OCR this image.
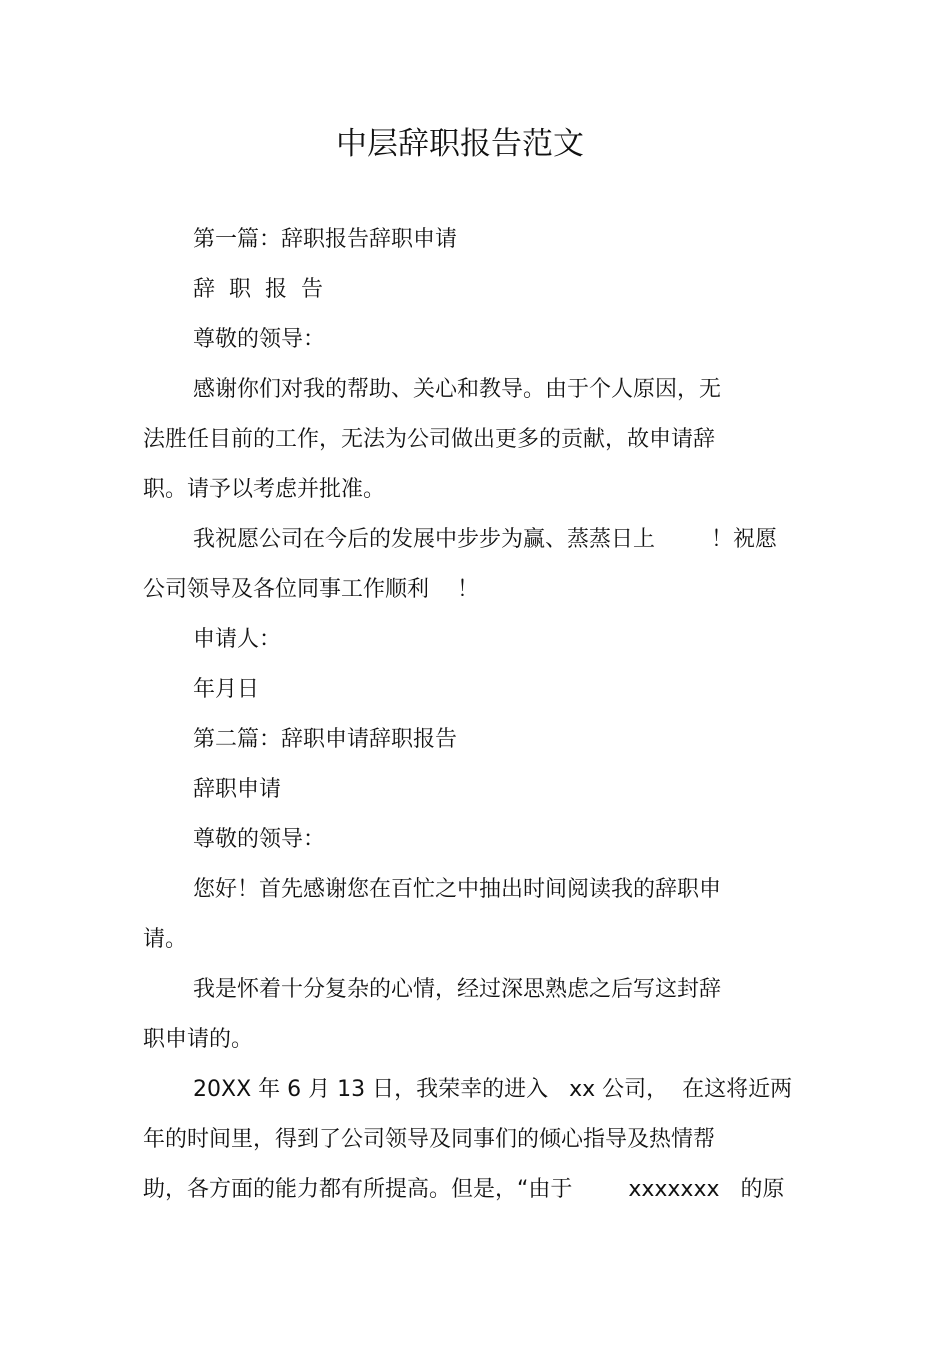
中层辞职报告范文
第一篇：辞职报告辞职申请
辞  职  报  告
尊敬的领导：
感谢你们对我的帮助、关心和教导。由于个人原因，无
法胜任目前的工作，无法为公司做出更多的贡献，故申请辞
职。请予以考虑并批准。
我祝愿公司在今后的发展中步步为赢、蒸蒸日上        ！祝愿
公司领导及各位同事工作顺利    ！
申请人：
年月日
第二篇：辞职申请辞职报告
辞职申请
尊敬的领导：
您好！首先感谢您在百忙之中抽出时间阅读我的辞职申
请。
我是怀着十分复杂的心情，经过深思熟虑之后写这封辞
职申请的。
20XX 年 6 月 13 日，我荣幸的进入   xx 公司，  在这将近两
年的时间里，得到了公司领导及同事们的倾心指导及热情帮
助，各方面的能力都有所提高。但是，“由于        xxxxxxx   的原
